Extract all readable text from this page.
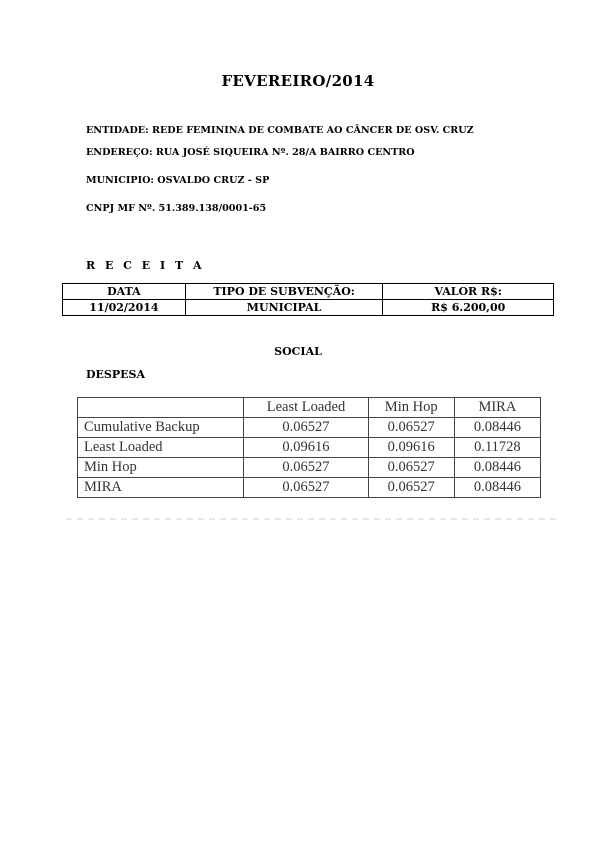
FEVEREIRO/2014
ENTIDADE: REDE FEMININA DE COMBATE AO CÂNCER DE OSV. CRUZ
ENDEREÇO: RUA JOSÉ SIQUEIRA Nº. 28/A BAIRRO CENTRO
MUNICIPIO: OSVALDO CRUZ - SP
CNPJ MF Nº. 51.389.138/0001-65
R E C E I T A
DATA	TIPO DE SUBVENÇÃO:	VALOR R$:
11/02/2014	MUNICIPAL	R$ 6.200,00
SOCIAL
DESPESA
	Least Loaded	Min Hop	MIRA
Cumulative Backup	0.06527	0.06527	0.08446
Least Loaded	0.09616	0.09616	0.11728
Min Hop	0.06527	0.06527	0.08446
MIRA	0.06527	0.06527	0.08446
